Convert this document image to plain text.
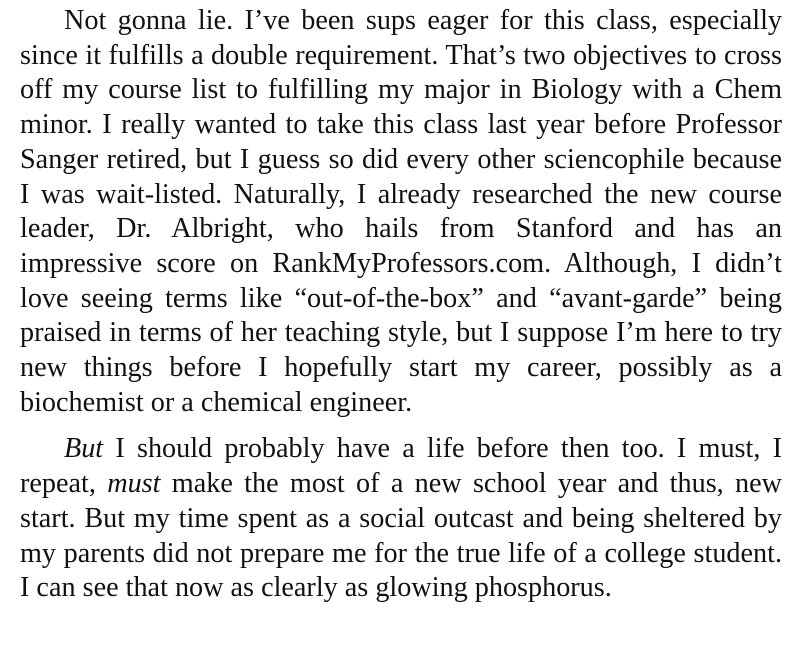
Not gonna lie. I’ve been sups eager for this class, especially since it fulfills a double requirement. That’s two objectives to cross off my course list to fulfilling my major in Biology with a Chem minor. I really wanted to take this class last year before Professor Sanger retired, but I guess so did every other sciencophile because I was wait-listed. Naturally, I already researched the new course leader, Dr. Albright, who hails from Stanford and has an impressive score on RankMyProfessors.com. Although, I didn’t love seeing terms like “out-of-the-box” and “avant-garde” being praised in terms of her teaching style, but I suppose I’m here to try new things before I hopefully start my career, possibly as a biochemist or a chemical engineer.

But I should probably have a life before then too. I must, I repeat, must make the most of a new school year and thus, new start. But my time spent as a social outcast and being sheltered by my parents did not prepare me for the true life of a college student. I can see that now as clearly as glowing phosphorus.
